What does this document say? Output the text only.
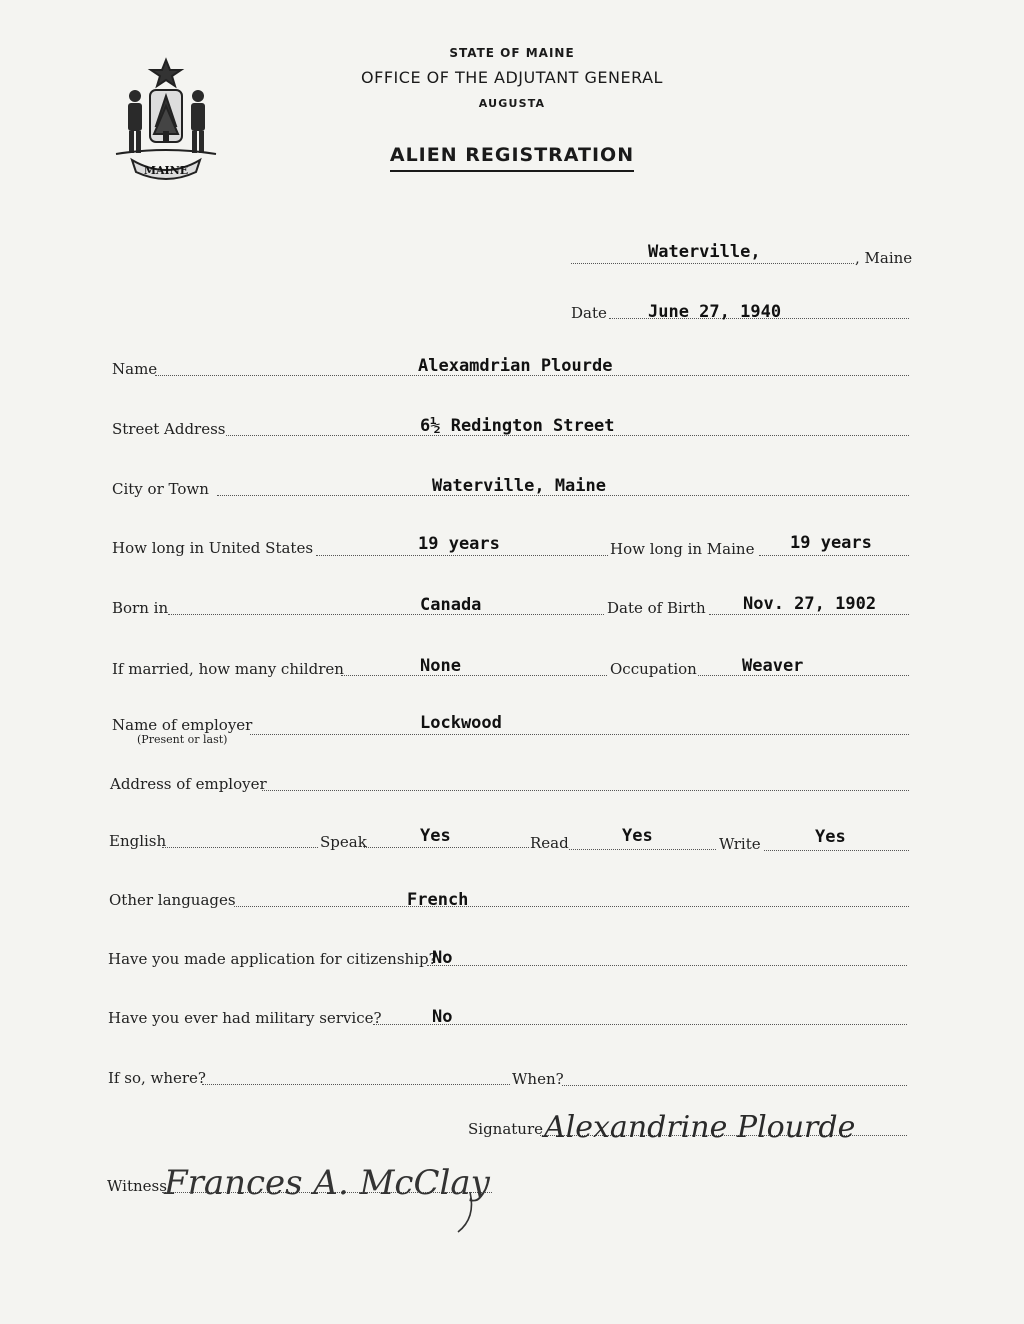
MAINE
STATE OF MAINE
OFFICE OF THE ADJUTANT GENERAL
AUGUSTA
ALIEN REGISTRATION
Waterville,	, Maine
Date June 27, 1940
Name	Alexamdrian Plourde
Street Address	6½ Redington Street
City or Town	Waterville, Maine
How long in United States	19 years	How long in Maine 19 years
Born in	Canada	Date of Birth Nov. 27, 1902
If married, how many children	None	Occupation	Weaver
Name of employer
(Present or last)
Lockwood
Address of employer
English	Speak	Yes	Read	Yes	Write	Yes
Other languages	French
Have you made application for citizenship?
No
Have you ever had military service?	No
If so, where?	When?
Signature Alexandrine Plourde
Witness
Frances A. McClay
